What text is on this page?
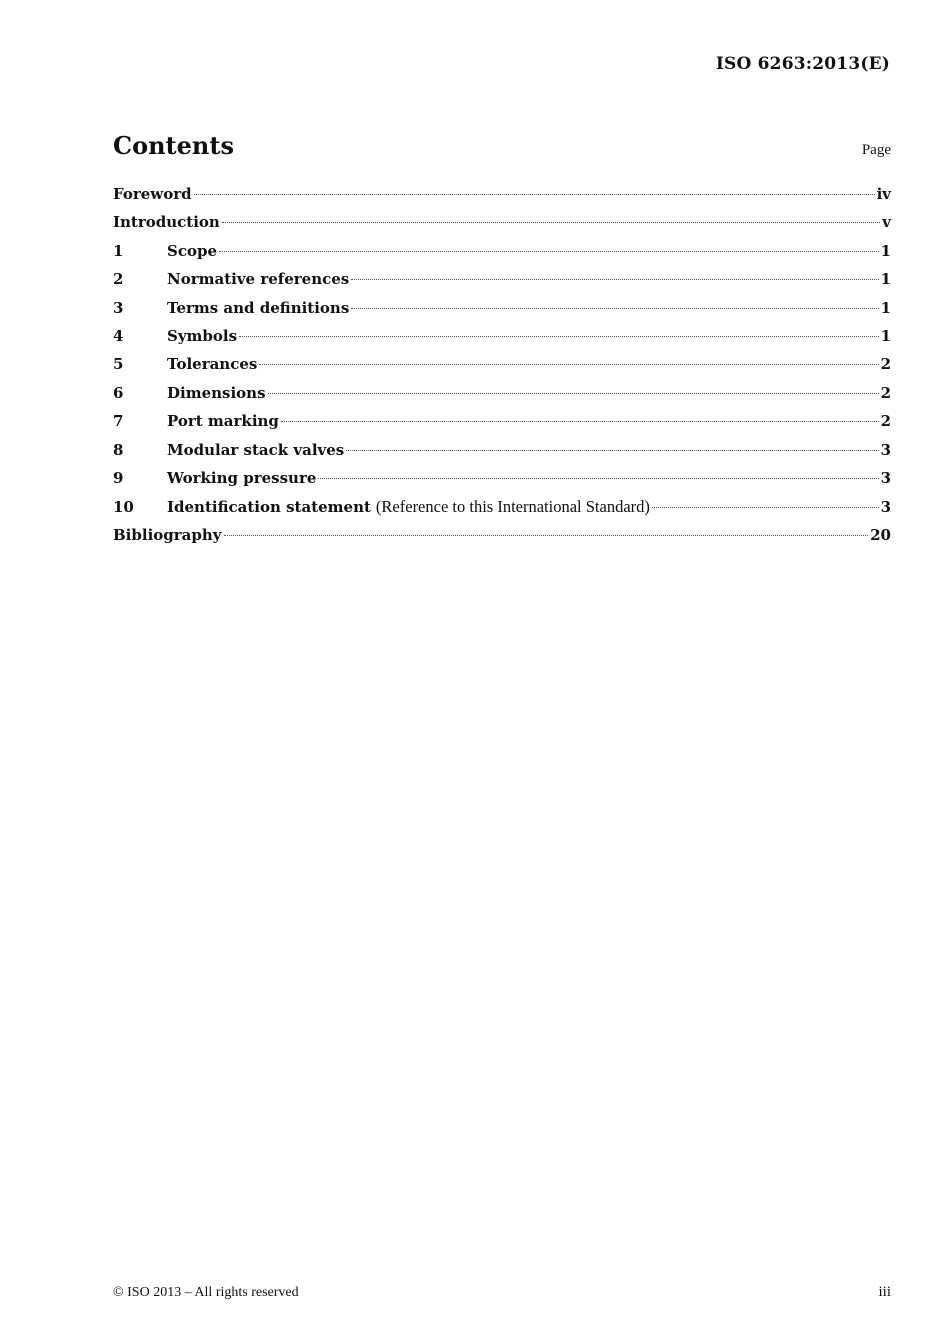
ISO 6263:2013(E)
Contents	Page
Foreword	iv
Introduction	v
1	Scope	1
2	Normative references	1
3	Terms and definitions	1
4	Symbols	1
5	Tolerances	2
6	Dimensions	2
7	Port marking	2
8	Modular stack valves	3
9	Working pressure	3
10	Identification statement (Reference to this International Standard)	3
Bibliography	20
© ISO 2013 – All rights reserved	iii
